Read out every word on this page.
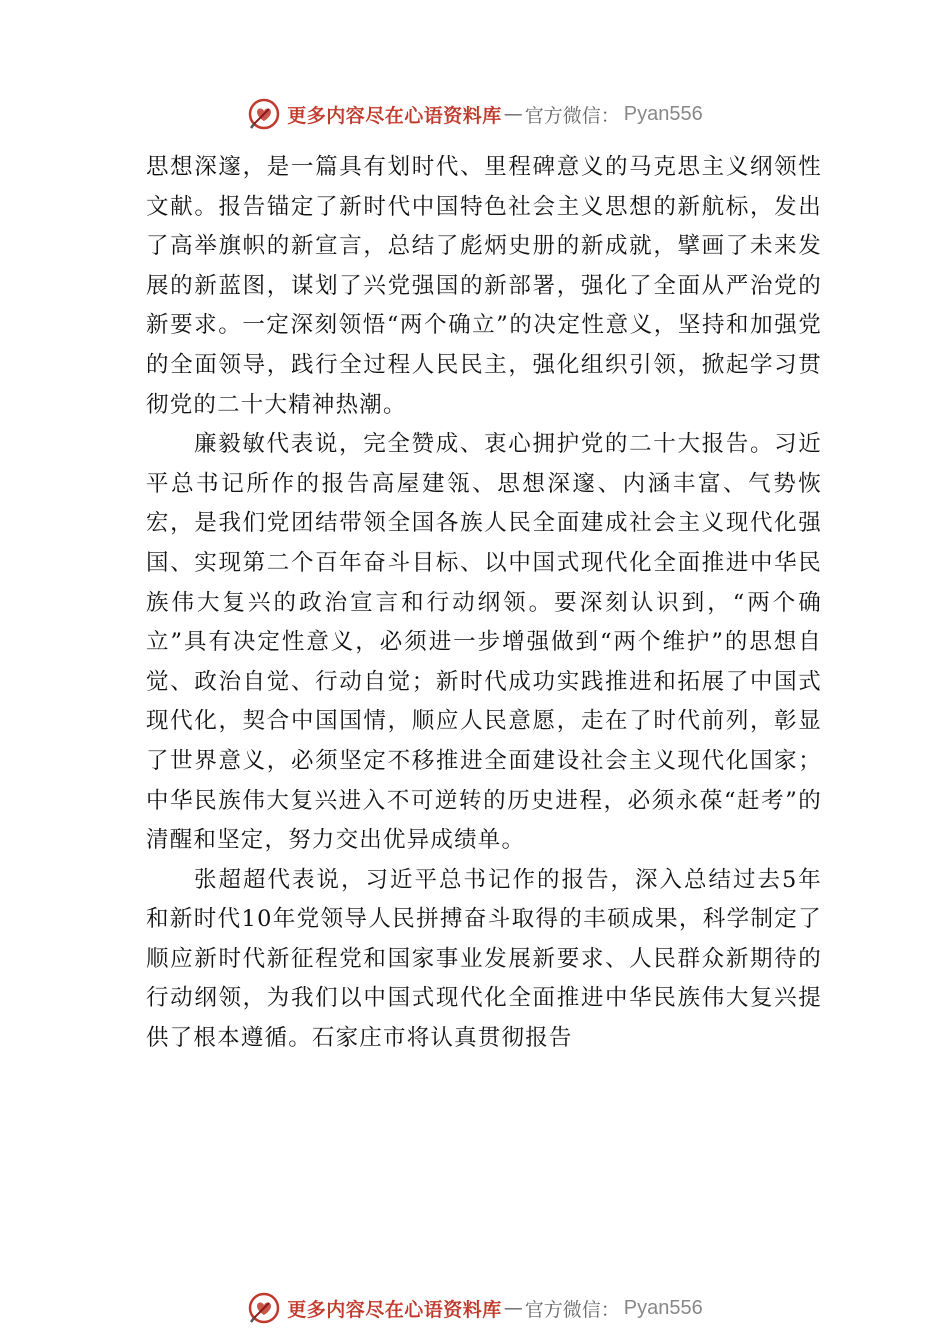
更多内容尽在心语资料库 — 官方微信： Pyan556

思想深邃，是一篇具有划时代、里程碑意义的马克思主义纲领性文献。报告锚定了新时代中国特色社会主义思想的新航标，发出了高举旗帜的新宣言，总结了彪炳史册的新成就，擘画了未来发展的新蓝图，谋划了兴党强国的新部署，强化了全面从严治党的新要求。一定深刻领悟“两个确立”的决定性意义，坚持和加强党的全面领导，践行全过程人民民主，强化组织引领，掀起学习贯彻党的二十大精神热潮。

廉毅敏代表说，完全赞成、衷心拥护党的二十大报告。习近平总书记所作的报告高屋建瓴、思想深邃、内涵丰富、气势恢宏，是我们党团结带领全国各族人民全面建成社会主义现代化强国、实现第二个百年奋斗目标、以中国式现代化全面推进中华民族伟大复兴的政治宣言和行动纲领。要深刻认识到，“两个确立”具有决定性意义，必须进一步增强做到“两个维护”的思想自觉、政治自觉、行动自觉；新时代成功实践推进和拓展了中国式现代化，契合中国国情，顺应人民意愿，走在了时代前列，彰显了世界意义，必须坚定不移推进全面建设社会主义现代化国家；中华民族伟大复兴进入不可逆转的历史进程，必须永葆“赶考”的清醒和坚定，努力交出优异成绩单。

张超超代表说，习近平总书记作的报告，深入总结过去5年和新时代10年党领导人民拼搏奋斗取得的丰硕成果，科学制定了顺应新时代新征程党和国家事业发展新要求、人民群众新期待的行动纲领，为我们以中国式现代化全面推进中华民族伟大复兴提供了根本遵循。石家庄市将认真贯彻报告

更多内容尽在心语资料库 — 官方微信： Pyan556
